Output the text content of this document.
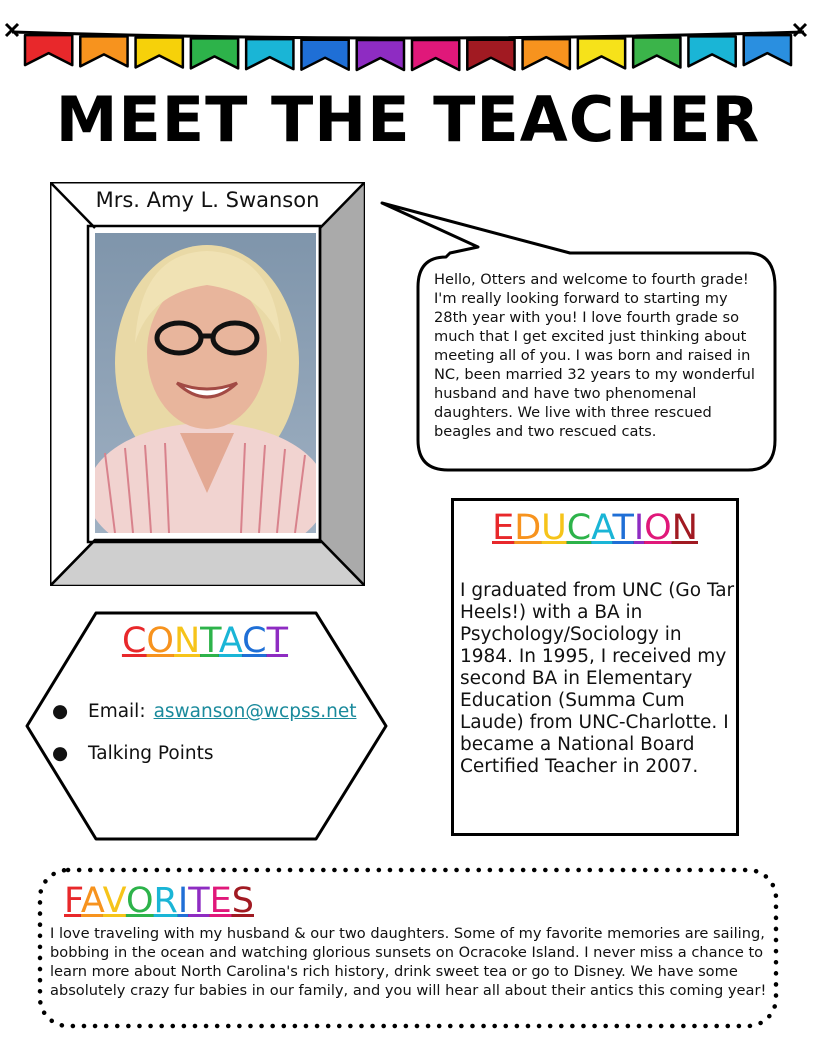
MEET THE TEACHER
Mrs. Amy L. Swanson
Hello, Otters and welcome to fourth grade! I'm really looking forward to starting my 28th year with you! I love fourth grade so much that I get excited just thinking about meeting all of you. I was born and raised in NC, been married 32 years to my wonderful husband and have two phenomenal daughters. We live with three rescued beagles and two rescued cats.
EDUCATION
I graduated from UNC (Go Tar Heels!) with a BA in Psychology/Sociology in 1984. In 1995, I received my second BA in Elementary Education (Summa Cum Laude) from UNC-Charlotte. I became a National Board Certified Teacher in 2007.
CONTACT
● Email: aswanson@wcpss.net
● Talking Points
FAVORITES
I love traveling with my husband & our two daughters. Some of my favorite memories are sailing, bobbing in the ocean and watching glorious sunsets on Ocracoke Island. I never miss a chance to learn more about North Carolina's rich history, drink sweet tea or go to Disney. We have some absolutely crazy fur babies in our family, and you will hear all about their antics this coming year!
